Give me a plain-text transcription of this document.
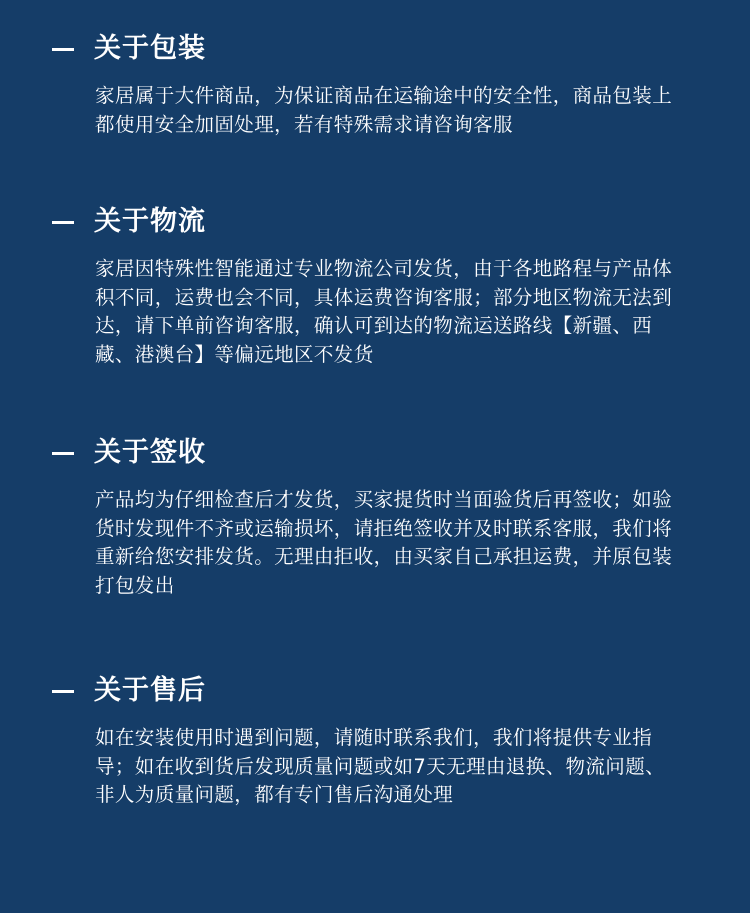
关于包装
家居属于大件商品，为保证商品在运输途中的安全性，商品包装上都使用安全加固处理，若有特殊需求请咨询客服
关于物流
家居因特殊性智能通过专业物流公司发货，由于各地路程与产品体积不同，运费也会不同，具体运费咨询客服；部分地区物流无法到达，请下单前咨询客服，确认可到达的物流运送路线【新疆、西藏、港澳台】等偏远地区不发货
关于签收
产品均为仔细检查后才发货，买家提货时当面验货后再签收；如验货时发现件不齐或运输损坏，请拒绝签收并及时联系客服，我们将重新给您安排发货。无理由拒收，由买家自己承担运费，并原包装打包发出
关于售后
如在安装使用时遇到问题，请随时联系我们，我们将提供专业指导；如在收到货后发现质量问题或如7天无理由退换、物流问题、非人为质量问题，都有专门售后沟通处理
